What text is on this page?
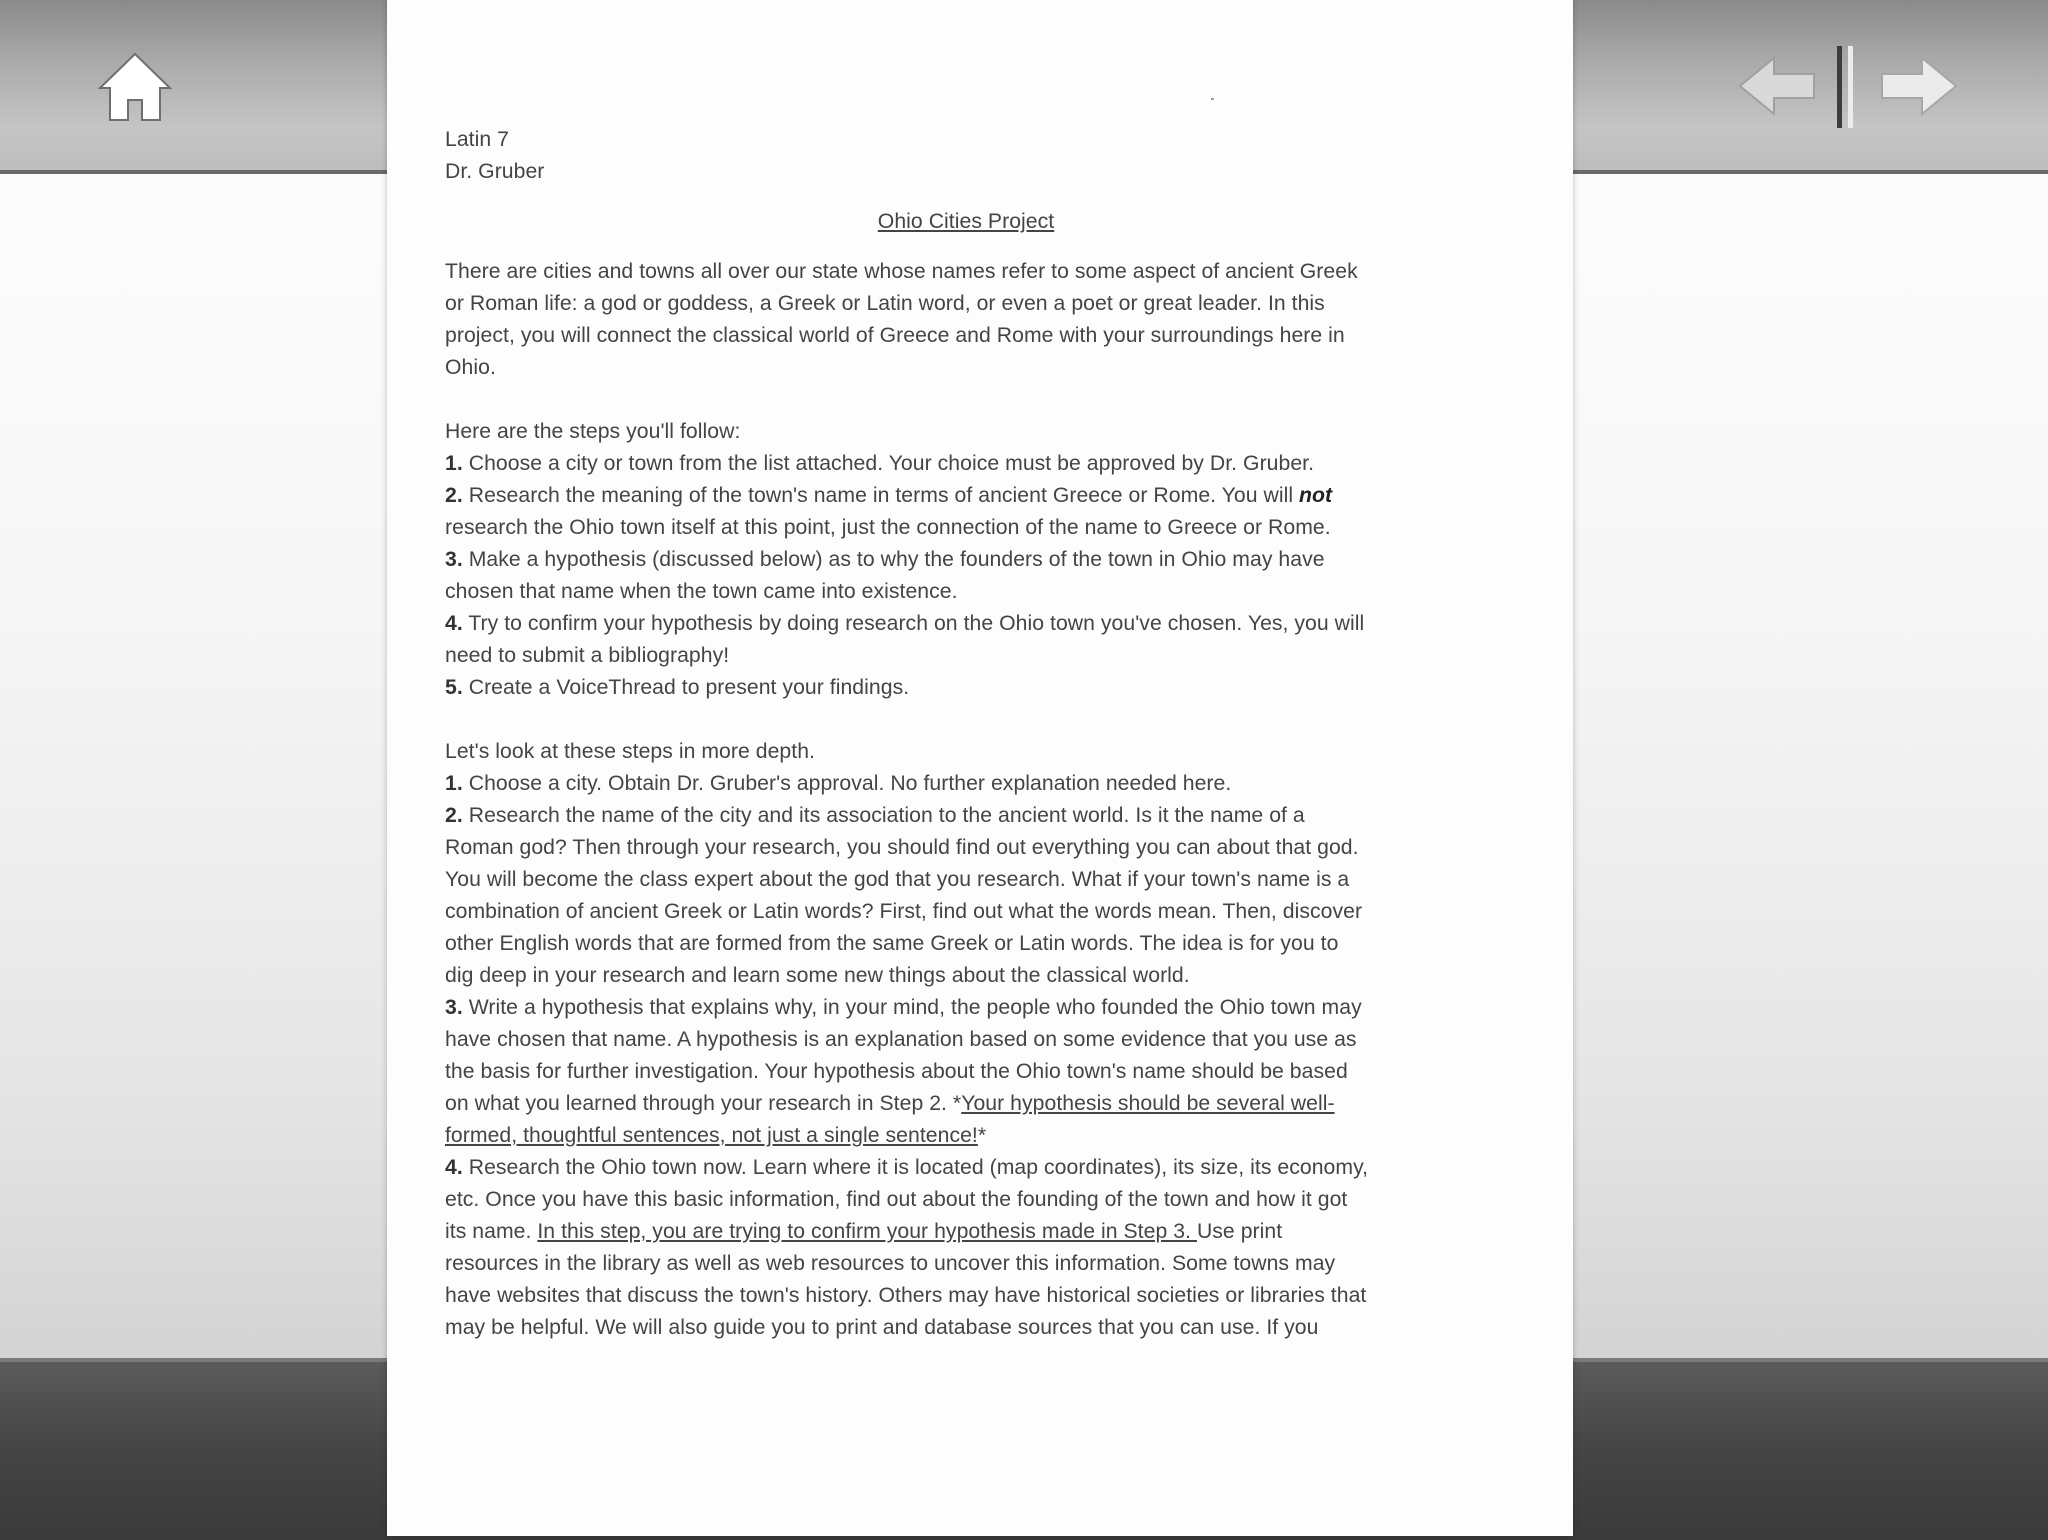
Latin 7
Dr. Gruber
Ohio Cities Project
There are cities and towns all over our state whose names refer to some aspect of ancient Greek
or Roman life: a god or goddess, a Greek or Latin word, or even a poet or great leader. In this
project, you will connect the classical world of Greece and Rome with your surroundings here in
Ohio.
Here are the steps you'll follow:
1. Choose a city or town from the list attached. Your choice must be approved by Dr. Gruber.
2. Research the meaning of the town's name in terms of ancient Greece or Rome. You will not
research the Ohio town itself at this point, just the connection of the name to Greece or Rome.
3. Make a hypothesis (discussed below) as to why the founders of the town in Ohio may have
chosen that name when the town came into existence.
4. Try to confirm your hypothesis by doing research on the Ohio town you've chosen. Yes, you will
need to submit a bibliography!
5. Create a VoiceThread to present your findings.
Let's look at these steps in more depth.
1. Choose a city. Obtain Dr. Gruber's approval. No further explanation needed here.
2. Research the name of the city and its association to the ancient world. Is it the name of a
Roman god? Then through your research, you should find out everything you can about that god.
You will become the class expert about the god that you research. What if your town's name is a
combination of ancient Greek or Latin words? First, find out what the words mean. Then, discover
other English words that are formed from the same Greek or Latin words. The idea is for you to
dig deep in your research and learn some new things about the classical world.
3. Write a hypothesis that explains why, in your mind, the people who founded the Ohio town may
have chosen that name. A hypothesis is an explanation based on some evidence that you use as
the basis for further investigation. Your hypothesis about the Ohio town's name should be based
on what you learned through your research in Step 2. *Your hypothesis should be several well-
formed, thoughtful sentences, not just a single sentence!*
4. Research the Ohio town now. Learn where it is located (map coordinates), its size, its economy,
etc. Once you have this basic information, find out about the founding of the town and how it got
its name. In this step, you are trying to confirm your hypothesis made in Step 3. Use print
resources in the library as well as web resources to uncover this information. Some towns may
have websites that discuss the town's history. Others may have historical societies or libraries that
may be helpful. We will also guide you to print and database sources that you can use. If you
